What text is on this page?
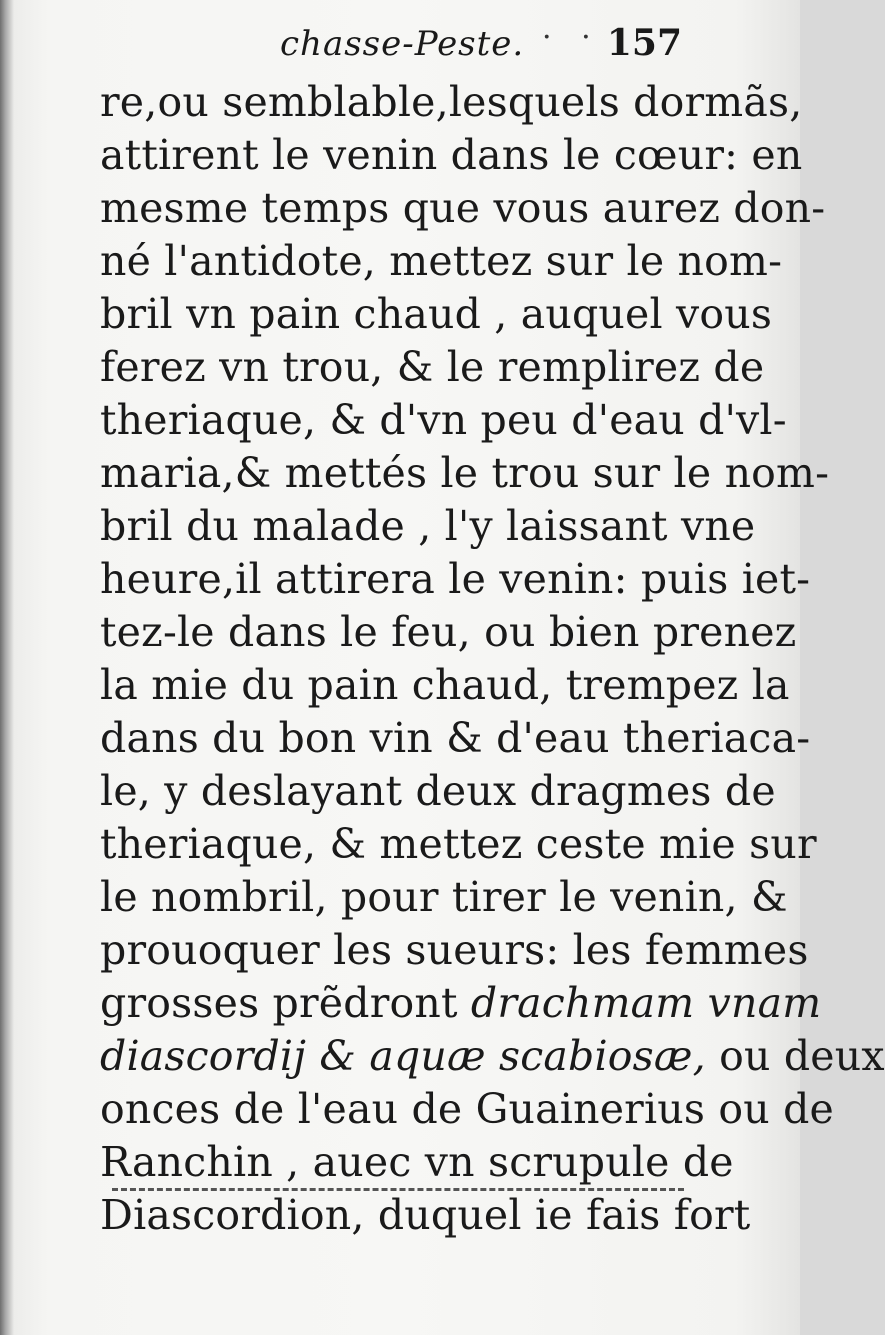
chasse-Peste. · · 157
re,ou semblable,lesquels dormãs,
attirent le venin dans le cœur: en
mesme temps que vous aurez don-
né l'antidote, mettez sur le nom-
bril vn pain chaud , auquel vous
ferez vn trou, & le remplirez de
theriaque, & d'vn peu d'eau d'vl-
maria,& mettés le trou sur le nom-
bril du malade , l'y laissant vne
heure,il attirera le venin: puis iet-
tez-le dans le feu, ou bien prenez
la mie du pain chaud, trempez la
dans du bon vin & d'eau theriaca-
le, y deslayant deux dragmes de
theriaque, & mettez ceste mie sur
le nombril, pour tirer le venin, &
prouoquer les sueurs: les femmes
grosses prẽdront drachmam vnam
diascordij & aquæ scabiosæ, ou deux
onces de l'eau de Guainerius ou de
Ranchin , auec vn scrupule de
Diascordion, duquel ie fais fort
